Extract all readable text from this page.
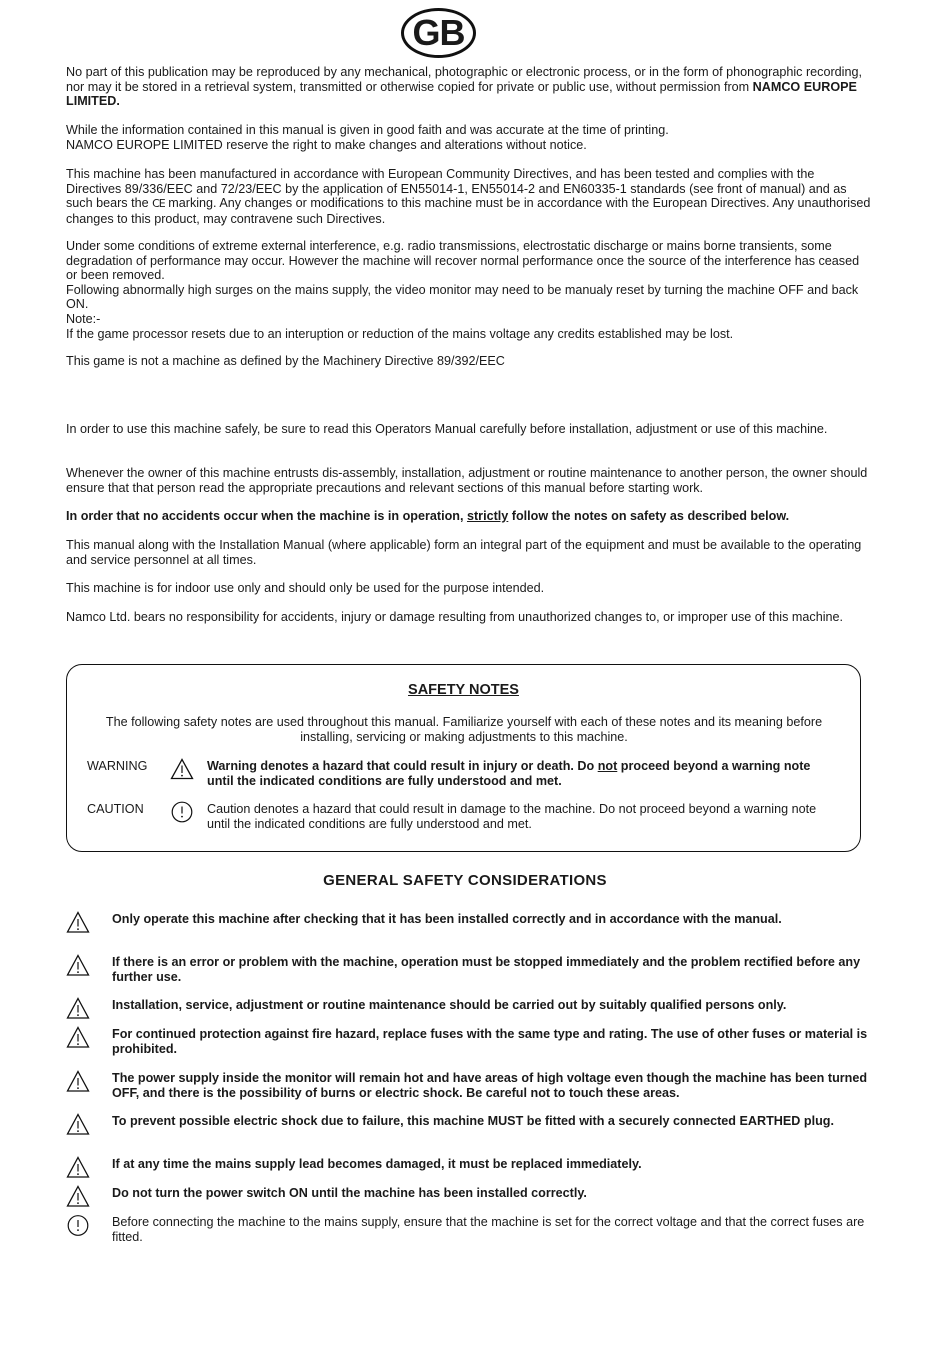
GB

No part of this publication may be reproduced by any mechanical, photographic or electronic process, or in the form of phonographic recording, nor may it be stored in a retrieval system, transmitted or otherwise copied for private or public use, without permission from NAMCO EUROPE LIMITED.

While the information contained in this manual is given in good faith and was accurate at the time of printing.
NAMCO EUROPE LIMITED reserve the right to make changes and alterations without notice.

This machine has been manufactured in accordance with European Community Directives, and has been tested and complies with the Directives 89/336/EEC and 72/23/EEC by the application of EN55014-1, EN55014-2 and EN60335-1 standards (see front of manual) and as such bears the CE marking. Any changes or modifications to this machine must be in accordance with the European Directives. Any unauthorised changes to this product, may contravene such Directives.

Under some conditions of extreme external interference, e.g. radio transmissions, electrostatic discharge or mains borne transients, some degradation of performance may occur. However the machine will recover normal performance once the source of the interference has ceased or been removed.
Following abnormally high surges on the mains supply, the video monitor may need to be manualy reset by turning the machine OFF and back ON.
Note:-
If the game processor resets due to an interuption or reduction of the mains voltage any credits established may be lost.

This game is not a machine as defined by the Machinery Directive 89/392/EEC

In order to use this machine safely, be sure to read this Operators Manual carefully before installation, adjustment or use of this machine.

Whenever the owner of this machine entrusts dis-assembly, installation, adjustment or routine maintenance to another person, the owner should ensure that that person read the appropriate precautions and relevant sections of this manual before starting work.

In order that no accidents occur when the machine is in operation, strictly follow the notes on safety as described below.

This manual along with the Installation Manual (where applicable) form an integral part of the equipment and must be available to the operating and service personnel at all times.

This machine is for indoor use only and should only be used for the purpose intended.

Namco Ltd. bears no responsibility for accidents, injury or damage resulting from unauthorized changes to, or improper use of this machine.

SAFETY NOTES
The following safety notes are used throughout this manual. Familiarize yourself with each of these notes and its meaning before installing, servicing or making adjustments to this machine.
WARNING	Warning denotes a hazard that could result in injury or death. Do not proceed beyond a warning note until the indicated conditions are fully understood and met.
CAUTION	Caution denotes a hazard that could result in damage to the machine. Do not proceed beyond a warning note until the indicated conditions are fully understood and met.
GENERAL SAFETY CONSIDERATIONS
Only operate this machine after checking that it has been installed correctly and in accordance with the manual.
If there is an error or problem with the machine, operation must be stopped immediately and the problem rectified before any further use.
Installation, service, adjustment or routine maintenance should be carried out by suitably qualified persons only.
For continued protection against fire hazard, replace fuses with the same type and rating. The use of other fuses or material is prohibited.
The power supply inside the monitor will remain hot and have areas of high voltage even though the machine has been turned OFF, and there is the possibility of burns or electric shock. Be careful not to touch these areas.
To prevent possible electric shock due to failure, this machine MUST be fitted with a securely connected EARTHED plug.
If at any time the mains supply lead becomes damaged, it must be replaced immediately.
Do not turn the power switch ON until the machine has been installed correctly.
Before connecting the machine to the mains supply, ensure that the machine is set for the correct voltage and that the correct fuses are fitted.
